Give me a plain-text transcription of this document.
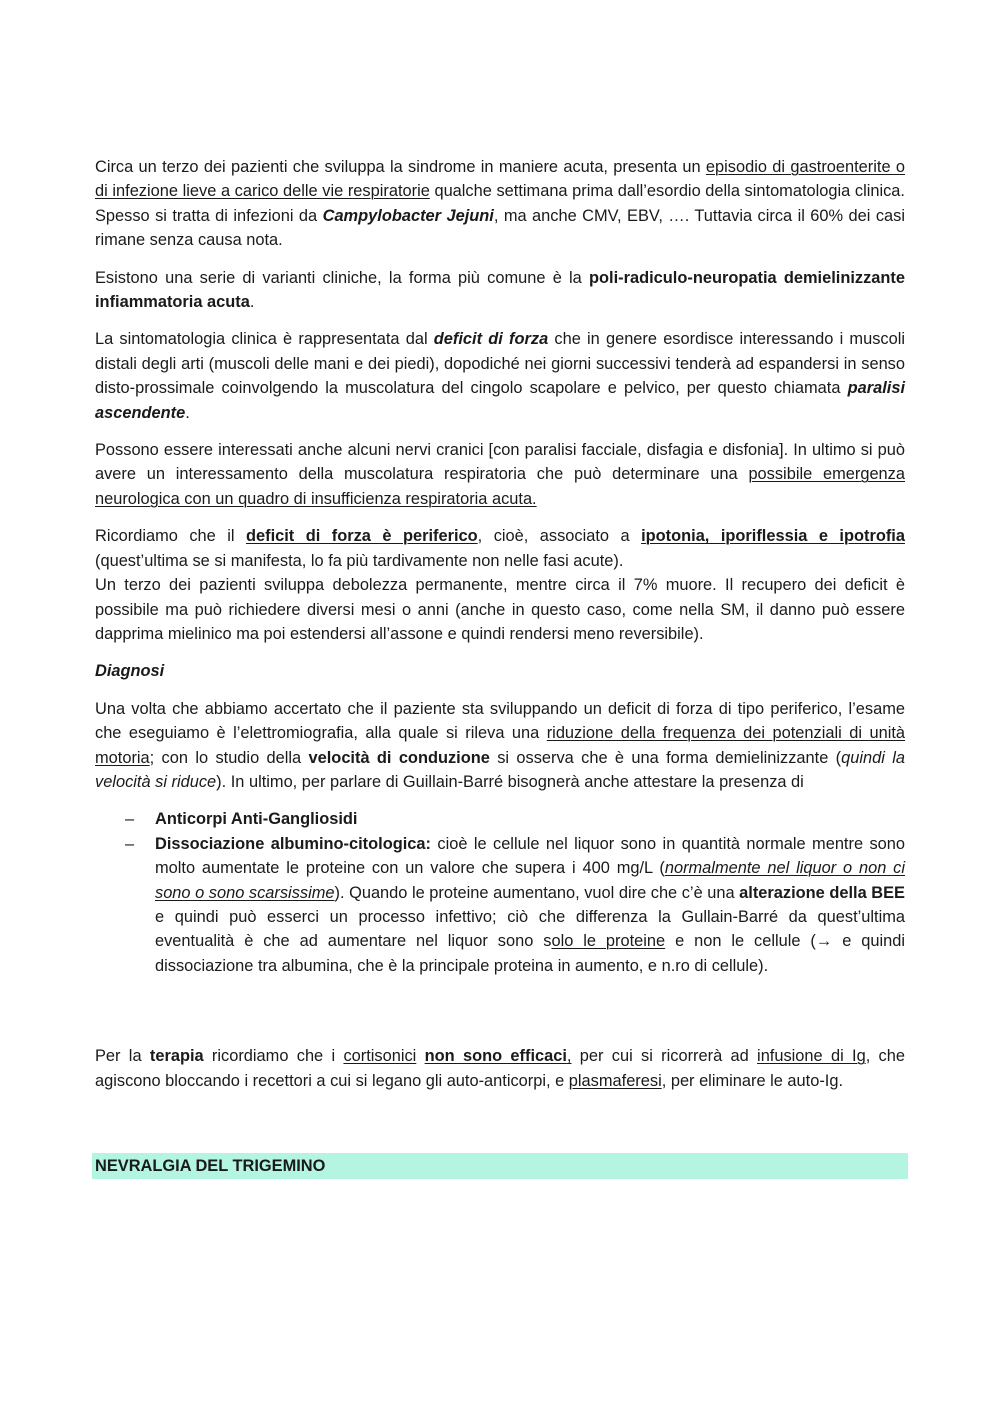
Circa un terzo dei pazienti che sviluppa la sindrome in maniere acuta, presenta un episodio di gastroenterite o di infezione lieve a carico delle vie respiratorie qualche settimana prima dall’esordio della sintomatologia clinica. Spesso si tratta di infezioni da Campylobacter Jejuni, ma anche CMV, EBV, …. Tuttavia circa il 60% dei casi rimane senza causa nota.

Esistono una serie di varianti cliniche, la forma più comune è la poli-radiculo-neuropatia demielinizzante infiammatoria acuta.

La sintomatologia clinica è rappresentata dal deficit di forza che in genere esordisce interessando i muscoli distali degli arti (muscoli delle mani e dei piedi), dopodiché nei giorni successivi tenderà ad espandersi in senso disto-prossimale coinvolgendo la muscolatura del cingolo scapolare e pelvico, per questo chiamata paralisi ascendente.

Possono essere interessati anche alcuni nervi cranici [con paralisi facciale, disfagia e disfonia]. In ultimo si può avere un interessamento della muscolatura respiratoria che può determinare una possibile emergenza neurologica con un quadro di insufficienza respiratoria acuta.

Ricordiamo che il deficit di forza è periferico, cioè, associato a ipotonia, iporiflessia e ipotrofia (quest’ultima se si manifesta, lo fa più tardivamente non nelle fasi acute).

Un terzo dei pazienti sviluppa debolezza permanente, mentre circa il 7% muore. Il recupero dei deficit è possibile ma può richiedere diversi mesi o anni (anche in questo caso, come nella SM, il danno può essere dapprima mielinico ma poi estendersi all’assone e quindi rendersi meno reversibile).

Diagnosi

Una volta che abbiamo accertato che il paziente sta sviluppando un deficit di forza di tipo periferico, l’esame che eseguiamo è l’elettromiografia, alla quale si rileva una riduzione della frequenza dei potenziali di unità motoria; con lo studio della velocità di conduzione si osserva che è una forma demielinizzante (quindi la velocità si riduce). In ultimo, per parlare di Guillain-Barré bisognerà anche attestare la presenza di

– Anticorpi Anti-Gangliosidi
– Dissociazione albumino-citologica: cioè le cellule nel liquor sono in quantità normale mentre sono molto aumentate le proteine con un valore che supera i 400 mg/L (normalmente nel liquor o non ci sono o sono scarsissime). Quando le proteine aumentano, vuol dire che c’è una alterazione della BEE e quindi può esserci un processo infettivo; ciò che differenza la Gullain-Barré da quest’ultima eventualità è che ad aumentare nel liquor sono solo le proteine e non le cellule (→ e quindi dissociazione tra albumina, che è la principale proteina in aumento, e n.ro di cellule).

Per la terapia ricordiamo che i cortisonici non sono efficaci, per cui si ricorrerà ad infusione di Ig, che agiscono bloccando i recettori a cui si legano gli auto-anticorpi, e plasmaferesi, per eliminare le auto-Ig.

NEVRALGIA DEL TRIGEMINO
